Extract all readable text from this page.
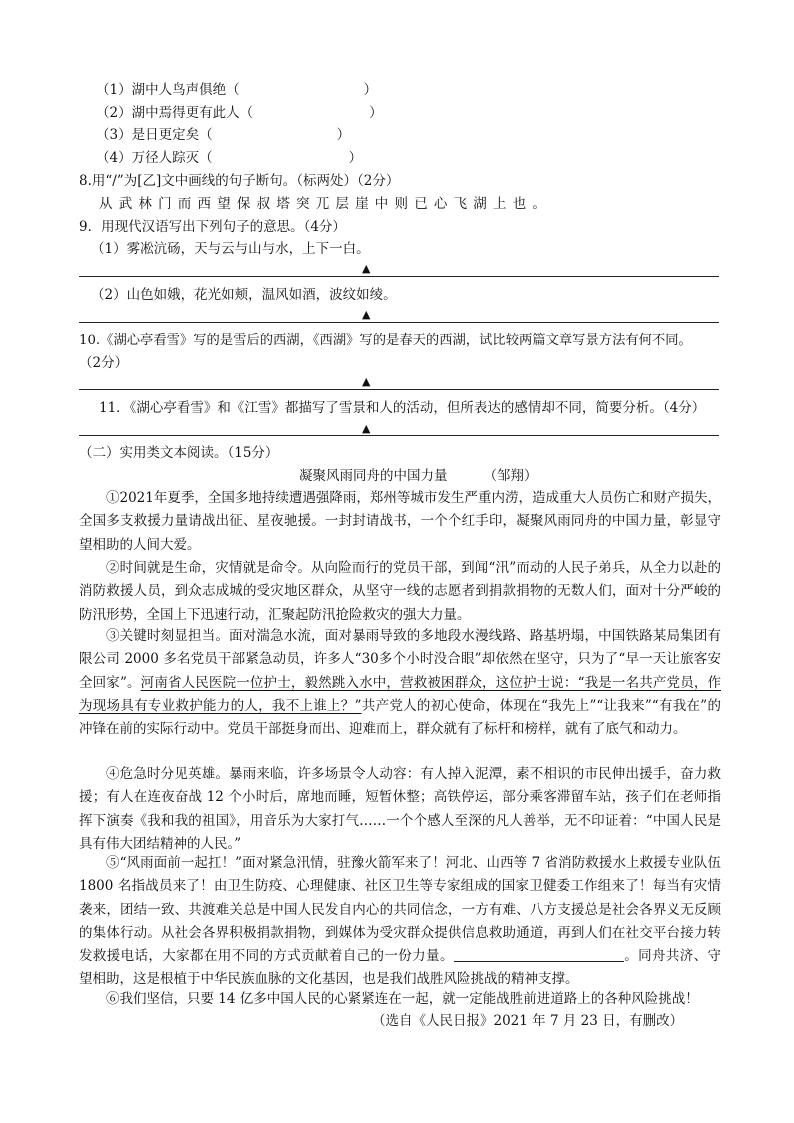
（1）湖中人鸟声俱绝（	）
（2）湖中焉得更有此人（	）
（3）是日更定矣（	）
（4）万径人踪灭（	）
8.用“/”为[乙]文中画线的句子断句。（标两处）（2分）
从武林门而西望保叔塔突兀层崖中则已心飞湖上也。
9．用现代汉语写出下列句子的意思。（4分）
（1）雾凇沆砀，天与云与山与水，上下一白。
▲
（2）山色如娥，花光如颊，温风如酒，波纹如绫。
▲
10.《湖心亭看雪》写的是雪后的西湖，《西湖》写的是春天的西湖，试比较两篇文章写景方法有何不同。
（2分）
▲
11．《湖心亭看雪》和《江雪》都描写了雪景和人的活动，但所表达的感情却不同，简要分析。（4分）
▲
（二）实用类文本阅读。（15分）
凝聚风雨同舟的中国力量	（邹翔）
①2021年夏季，全国多地持续遭遇强降雨，郑州等城市发生严重内涝，造成重大人员伤亡和财产损失，全国多支救援力量请战出征、星夜驰援。一封封请战书，一个个红手印，凝聚风雨同舟的中国力量，彰显守望相助的人间大爱。
②时间就是生命，灾情就是命令。从向险而行的党员干部，到闻“汛”而动的人民子弟兵，从全力以赴的消防救援人员，到众志成城的受灾地区群众，从坚守一线的志愿者到捐款捐物的无数人们，面对十分严峻的防汛形势，全国上下迅速行动，汇聚起防汛抢险救灾的强大力量。
③关键时刻显担当。面对湍急水流，面对暴雨导致的多地段水漫线路、路基坍塌，中国铁路某局集团有限公司 2000 多名党员干部紧急动员，许多人“30多个小时没合眼”却依然在坚守，只为了“早一天让旅客安全回家”。河南省人民医院一位护士，毅然跳入水中，营救被困群众，这位护士说：“我是一名共产党员，作为现场具有专业救护能力的人，我不上谁上？”共产党人的初心使命，体现在“我先上”“让我来”“有我在”的冲锋在前的实际行动中。党员干部挺身而出、迎难而上，群众就有了标杆和榜样，就有了底气和动力。
④危急时分见英雄。暴雨来临，许多场景令人动容：有人掉入泥潭，素不相识的市民伸出援手，奋力救援；有人在连夜奋战 12 个小时后，席地而睡，短暂休整；高铁停运，部分乘客滞留车站，孩子们在老师指挥下演奏《我和我的祖国》，用音乐为大家打气……一个个感人至深的凡人善举，无不印证着：“中国人民是具有伟大团结精神的人民。”
⑤“风雨面前一起扛！”面对紧急汛情，驻豫火箭军来了！河北、山西等 7 省消防救援水上救援专业队伍 1800 名指战员来了！由卫生防疫、心理健康、社区卫生等专家组成的国家卫健委工作组来了！每当有灾情袭来，团结一致、共渡难关总是中国人民发自内心的共同信念，一方有难、八方支援总是社会各界义无反顾的集体行动。从社会各界积极捐款捐物，到媒体为受灾群众提供信息救助通道，再到人们在社交平台接力转发救援电话，大家都在用不同的方式贡献着自己的一份力量。	。同舟共济、守望相助，这是根植于中华民族血脉的文化基因，也是我们战胜风险挑战的精神支撑。
⑥我们坚信，只要 14 亿多中国人民的心紧紧连在一起，就一定能战胜前进道路上的各种风险挑战！
（选自《人民日报》2021 年 7 月 23 日，有删改）
